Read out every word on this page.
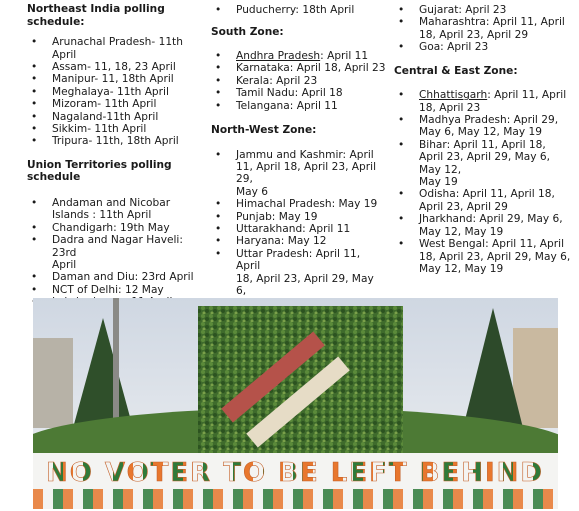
Northeast India polling
schedule:

• Arunachal Pradesh- 11th April
• Assam- 11, 18, 23 April
• Manipur- 11, 18th April
• Meghalaya- 11th April
• Mizoram- 11th April
• Nagaland-11th April
• Sikkim- 11th April
• Tripura- 11th, 18th April

Union Territories polling
schedule

• Andaman and Nicobar
Islands : 11th April
• Chandigarh: 19th May
• Dadra and Nagar Haveli: 23rd
April
• Daman and Diu: 23rd April
• NCT of Delhi: 12 May
•
• Puducherry: 18th April

South Zone:

• Andhra Pradesh: April 11
• Karnataka: April 18, April 23
• Kerala: April 23
• Tamil Nadu: April 18
• Telangana: April 11

North-West Zone:

• Jammu and Kashmir: April
11, April 18, April 23, April 29,
May 6
• Himachal Pradesh: May 19
• Punjab: May 19
• Uttarakhand: April 11
• Haryana: May 12
• Uttar Pradesh: April 11, April
18, April 23, April 29, May 6,

•
• Gujarat: April 23
• Maharashtra: April 11, April
18, April 23, April 29
• Goa: April 23

Central & East Zone:

• Chhattisgarh: April 11, April
18, April 23
• Madhya Pradesh: April 29,
May 6, May 12, May 19
• Bihar: April 11, April 18,
April 23, April 29, May 6, May 12,
May 19
• Odisha: April 11, April 18,
April 23, April 29
• Jharkhand: April 29, May 6,
May 12, May 19
• West Bengal: April 11, April
18, April 23, April 29, May 6,
May 12, May 19
NO VOTER TO BE LEFT BEHIND
